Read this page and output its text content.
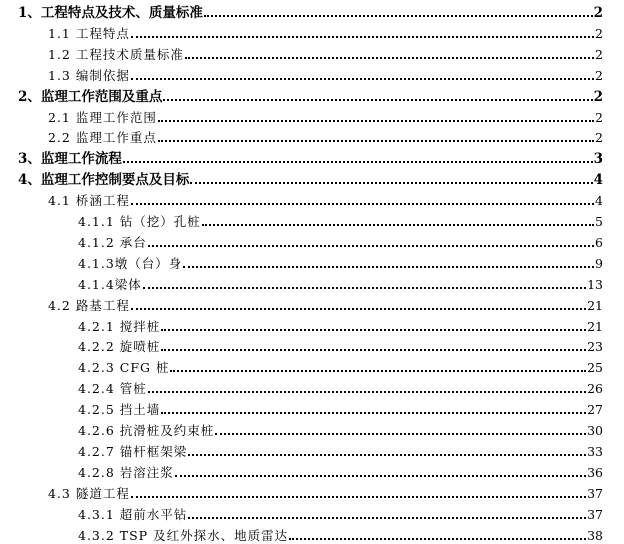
1、工程特点及技术、质量标准	2
1.1 工程特点	2
1.2 工程技术质量标准	2
1.3 编制依据	2
2、监理工作范围及重点	2
2.1 监理工作范围	2
2.2 监理工作重点	2
3、监理工作流程	3
4、监理工作控制要点及目标	4
4.1 桥涵工程	4
4.1.1 钻（挖）孔桩	5
4.1.2 承台	6
4.1.3墩（台）身	9
4.1.4梁体	13
4.2 路基工程	21
4.2.1 搅拌桩	21
4.2.2 旋喷桩	23
4.2.3 CFG 桩	25
4.2.4 管桩	26
4.2.5 挡土墙	27
4.2.6 抗滑桩及约束桩	30
4.2.7 锚杆框架梁	33
4.2.8 岩溶注浆	36
4.3 隧道工程	37
4.3.1 超前水平钻	37
4.3.2 TSP 及红外探水、地质雷达	38
